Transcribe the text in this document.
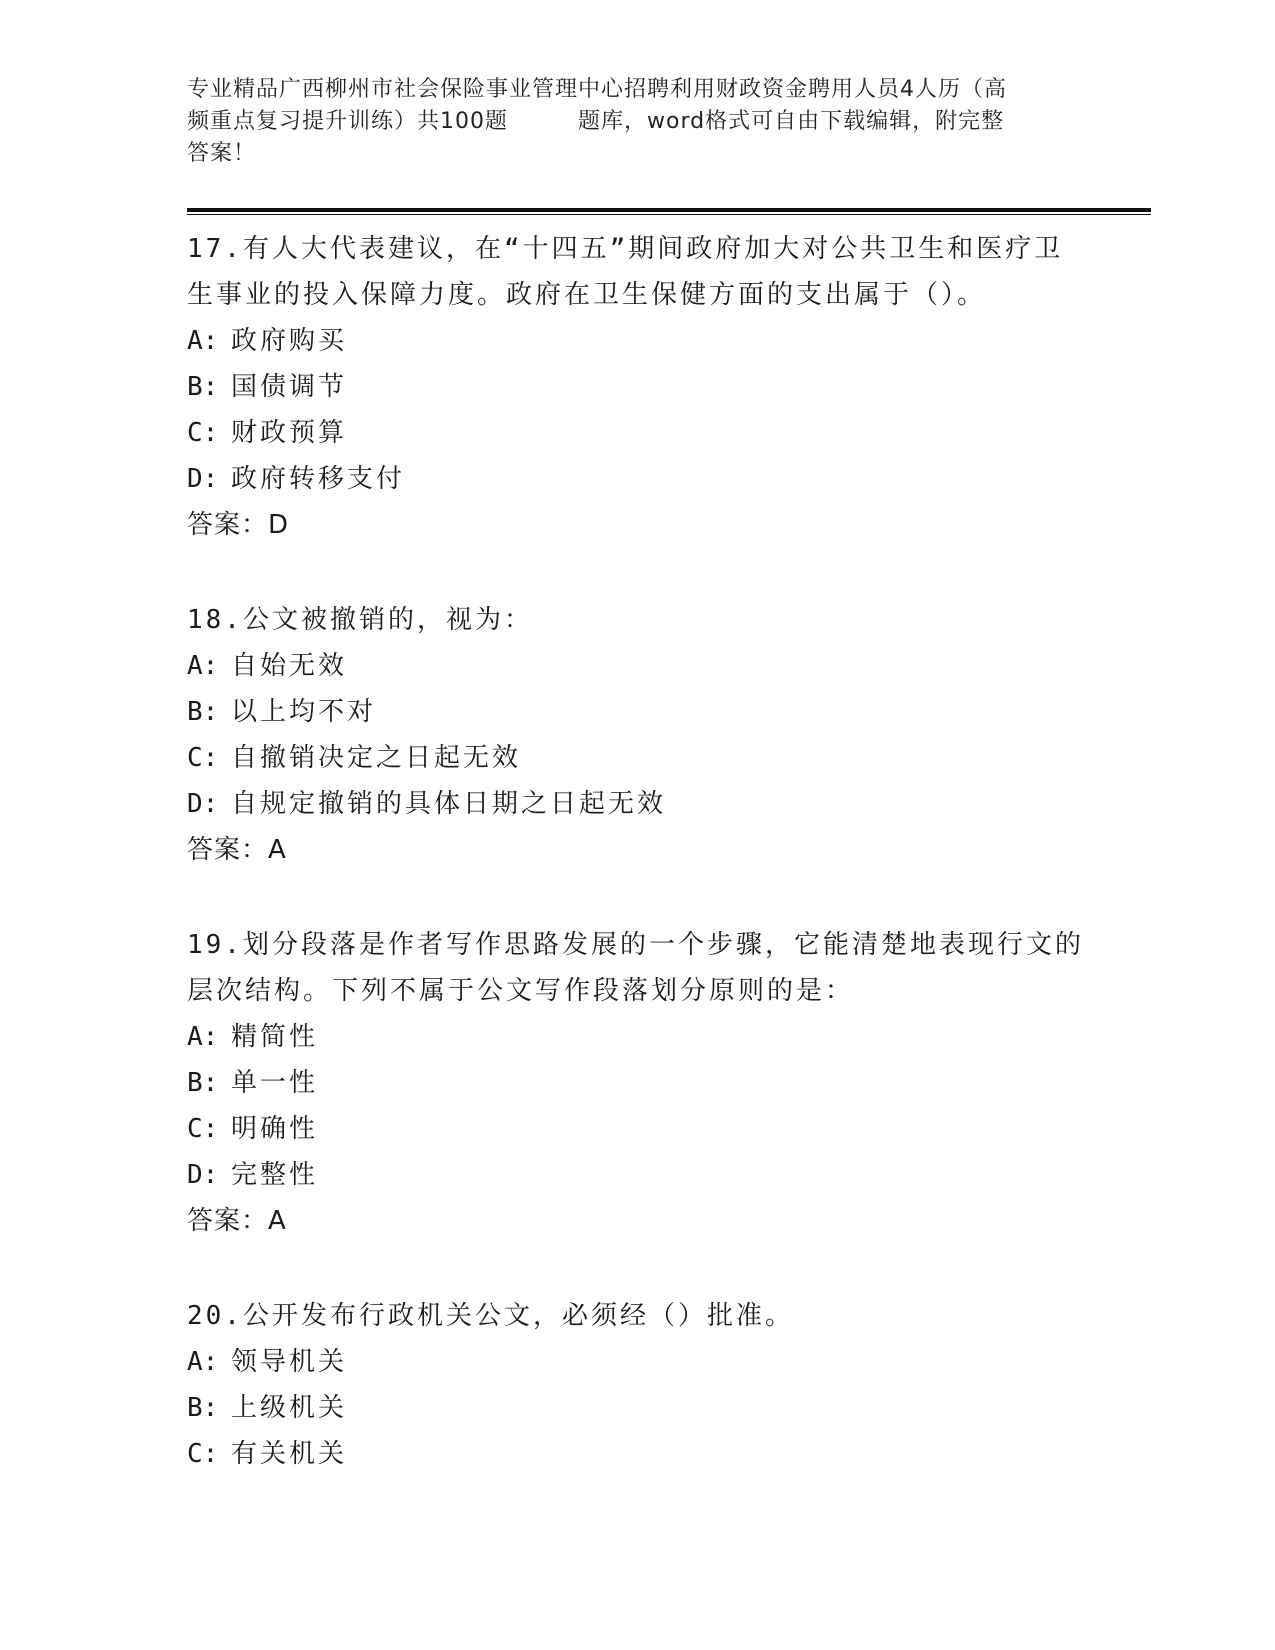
专业精品广西柳州市社会保险事业管理中心招聘利用财政资金聘用人员4人历（高
频重点复习提升训练）共100题	题库，word格式可自由下载编辑，附完整
答案！

17.有人大代表建议，在“十四五”期间政府加大对公共卫生和医疗卫

生事业的投入保障力度。政府在卫生保健方面的支出属于（）。

A: 政府购买

B: 国债调节

C: 财政预算

D: 政府转移支付

答案：D

18.公文被撤销的，视为：

A: 自始无效

B: 以上均不对

C: 自撤销决定之日起无效

D: 自规定撤销的具体日期之日起无效

答案：A

19.划分段落是作者写作思路发展的一个步骤，它能清楚地表现行文的

层次结构。下列不属于公文写作段落划分原则的是：

A: 精简性

B: 单一性

C: 明确性

D: 完整性

答案：A

20.公开发布行政机关公文，必须经（）批准。

A: 领导机关

B: 上级机关

C: 有关机关
